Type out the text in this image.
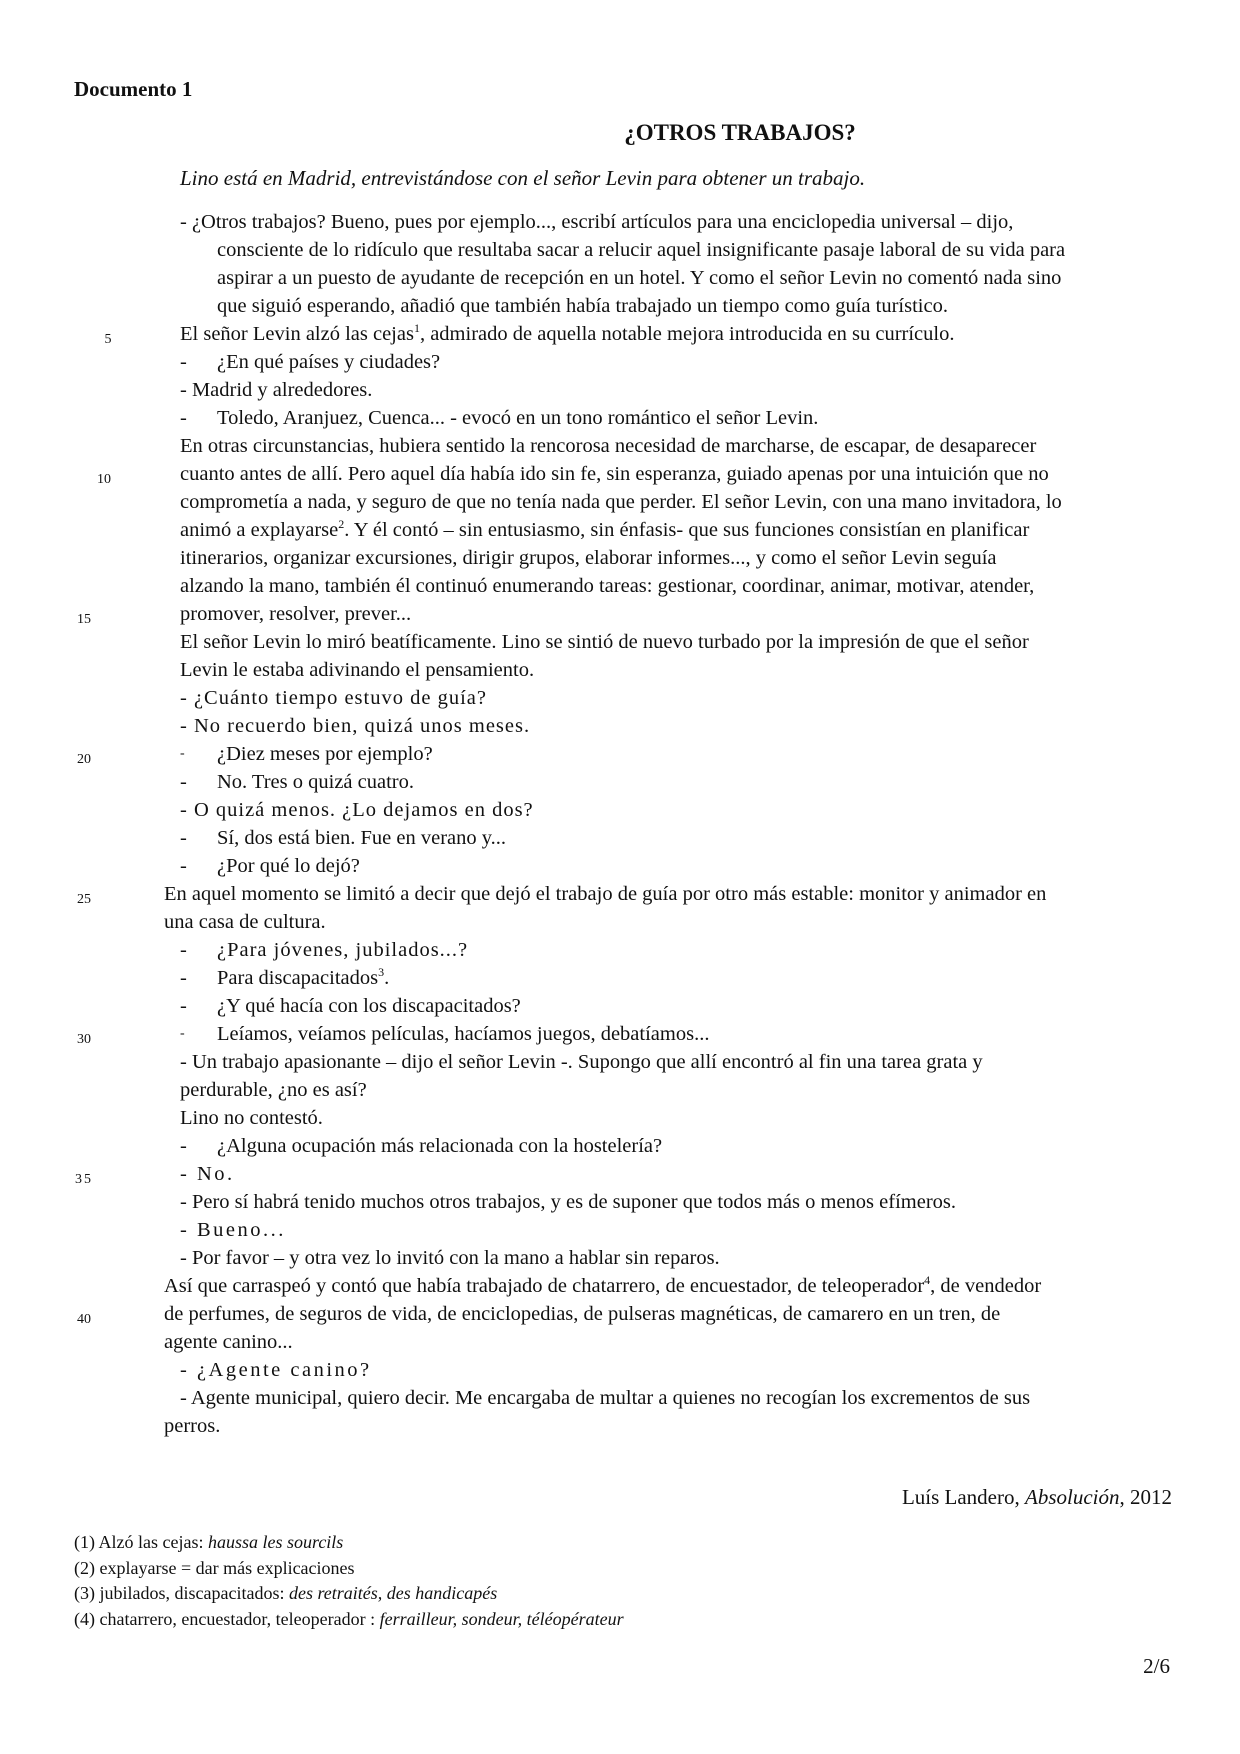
Documento 1
¿OTROS TRABAJOS?
Lino está en Madrid, entrevistándose con el señor Levin para obtener un trabajo.
- ¿Otros trabajos? Bueno, pues por ejemplo..., escribí artículos para una enciclopedia universal – dijo,
consciente de lo ridículo que resultaba sacar a relucir aquel insignificante pasaje laboral de su vida para
aspirar a un puesto de ayudante de recepción en un hotel. Y como el señor Levin no comentó nada sino
que siguió esperando, añadió que también había trabajado un tiempo como guía turístico.
El señor Levin alzó las cejas$^1$, admirado de aquella notable mejora introducida en su currículo.
- ¿En qué países y ciudades?
- Madrid y alrededores.
- Toledo, Aranjuez, Cuenca... - evocó en un tono romántico el señor Levin.
En otras circunstancias, hubiera sentido la rencorosa necesidad de marcharse, de escapar, de desaparecer
cuanto antes de allí. Pero aquel día había ido sin fe, sin esperanza, guiado apenas por una intuición que no
comprometía a nada, y seguro de que no tenía nada que perder. El señor Levin, con una mano invitadora, lo
animó a explayarse$^2$. Y él contó – sin entusiasmo, sin énfasis- que sus funciones consistían en planificar
itinerarios, organizar excursiones, dirigir grupos, elaborar informes..., y como el señor Levin seguía
alzando la mano, también él continuó enumerando tareas: gestionar, coordinar, animar, motivar, atender,
promover, resolver, prever...
El señor Levin lo miró beatíficamente. Lino se sintió de nuevo turbado por la impresión de que el señor
Levin le estaba adivinando el pensamiento.
- ¿Cuánto tiempo estuvo de guía?
- No recuerdo bien, quizá unos meses.
- ¿Diez meses por ejemplo?
- No. Tres o quizá cuatro.
- O quizá menos. ¿Lo dejamos en dos?
- Sí, dos está bien. Fue en verano y...
- ¿Por qué lo dejó?
En aquel momento se limitó a decir que dejó el trabajo de guía por otro más estable: monitor y animador en
una casa de cultura.
- ¿Para jóvenes, jubilados...?
- Para discapacitados$^3$.
- ¿Y qué hacía con los discapacitados?
- Leíamos, veíamos películas, hacíamos juegos, debatíamos...
- Un trabajo apasionante – dijo el señor Levin -. Supongo que allí encontró al fin una tarea grata y
perdurable, ¿no es así?
Lino no contestó.
- ¿Alguna ocupación más relacionada con la hostelería?
- No.
- Pero sí habrá tenido muchos otros trabajos, y es de suponer que todos más o menos efímeros.
- Bueno...
- Por favor – y otra vez lo invitó con la mano a hablar sin reparos.
Así que carraspeó y contó que había trabajado de chatarrero, de encuestador, de teleoperador$^4$, de vendedor
de perfumes, de seguros de vida, de enciclopedias, de pulseras magnéticas, de camarero en un tren, de
agente canino...
- ¿Agente canino?
- Agente municipal, quiero decir. Me encargaba de multar a quienes no recogían los excrementos de sus
perros.
5
10
15
20
25
30
35
40
Luís Landero, Absolución, 2012
(1) Alzó las cejas: haussa les sourcils
(2) explayarse = dar más explicaciones
(3) jubilados, discapacitados: des retraités, des handicapés
(4) chatarrero, encuestador, teleoperador : ferrailleur, sondeur, téléopérateur
2/6
